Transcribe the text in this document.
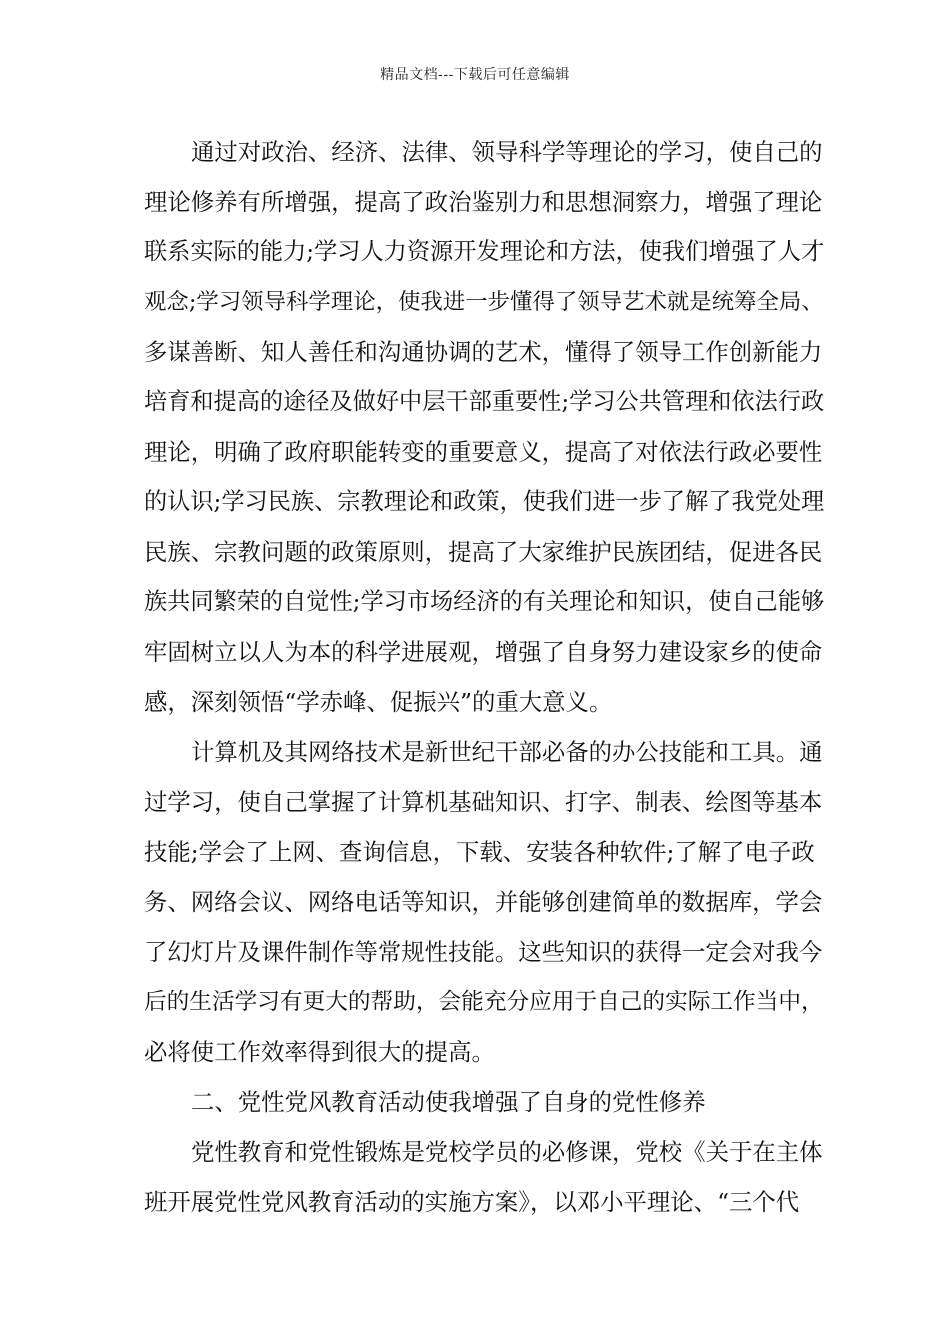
精品文档---下载后可任意编辑
通过对政治、经济、法律、领导科学等理论的学习，使自己的
理论修养有所增强，提高了政治鉴别力和思想洞察力，增强了理论
联系实际的能力;学习人力资源开发理论和方法，使我们增强了人才
观念;学习领导科学理论，使我进一步懂得了领导艺术就是统筹全局、
多谋善断、知人善任和沟通协调的艺术，懂得了领导工作创新能力
培育和提高的途径及做好中层干部重要性;学习公共管理和依法行政
理论，明确了政府职能转变的重要意义，提高了对依法行政必要性
的认识;学习民族、宗教理论和政策，使我们进一步了解了我党处理
民族、宗教问题的政策原则，提高了大家维护民族团结，促进各民
族共同繁荣的自觉性;学习市场经济的有关理论和知识，使自己能够
牢固树立以人为本的科学进展观，增强了自身努力建设家乡的使命
感，深刻领悟“学赤峰、促振兴”的重大意义。
计算机及其网络技术是新世纪干部必备的办公技能和工具。通
过学习，使自己掌握了计算机基础知识、打字、制表、绘图等基本
技能;学会了上网、查询信息，下载、安装各种软件;了解了电子政
务、网络会议、网络电话等知识，并能够创建简单的数据库，学会
了幻灯片及课件制作等常规性技能。这些知识的获得一定会对我今
后的生活学习有更大的帮助，会能充分应用于自己的实际工作当中，
必将使工作效率得到很大的提高。
二、党性党风教育活动使我增强了自身的党性修养
党性教育和党性锻炼是党校学员的必修课，党校《关于在主体
班开展党性党风教育活动的实施方案》，以邓小平理论、“三个代
